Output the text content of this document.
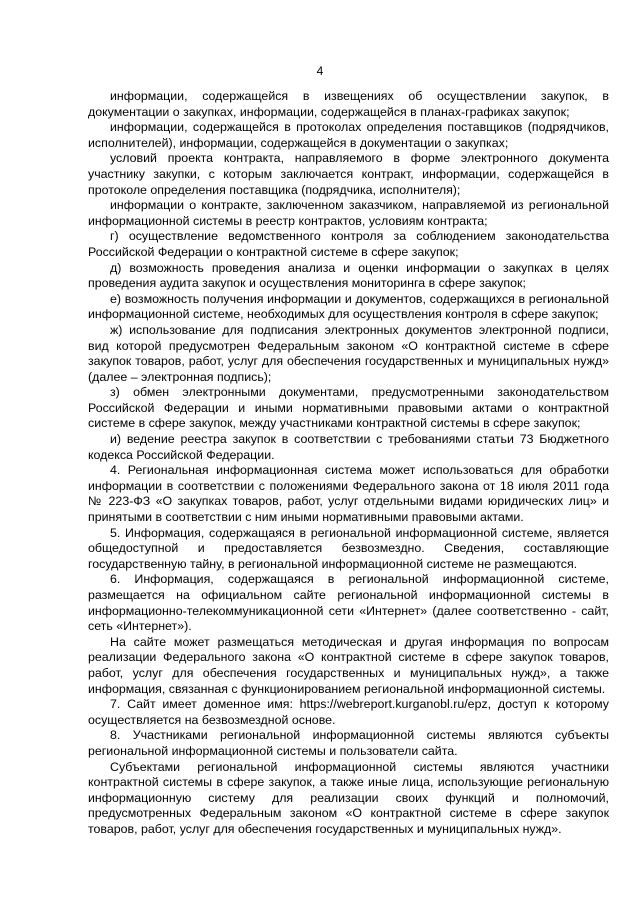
4

информации, содержащейся в извещениях об осуществлении закупок, в документации о закупках, информации, содержащейся в планах-графиках закупок;

информации, содержащейся в протоколах определения поставщиков (подрядчиков, исполнителей), информации, содержащейся в документации о закупках;

условий проекта контракта, направляемого в форме электронного документа участнику закупки, с которым заключается контракт, информации, содержащейся в протоколе определения поставщика (подрядчика, исполнителя);

информации о контракте, заключенном заказчиком, направляемой из региональной информационной системы в реестр контрактов, условиям контракта;

г) осуществление ведомственного контроля за соблюдением законодательства Российской Федерации о контрактной системе в сфере закупок;

д) возможность проведения анализа и оценки информации о закупках в целях проведения аудита закупок и осуществления мониторинга в сфере закупок;

е) возможность получения информации и документов, содержащихся в региональной информационной системе, необходимых для осуществления контроля в сфере закупок;

ж) использование для подписания электронных документов электронной подписи, вид которой предусмотрен Федеральным законом «О контрактной системе в сфере закупок товаров, работ, услуг для обеспечения государственных и муниципальных нужд» (далее – электронная подпись);

з) обмен электронными документами, предусмотренными законодательством Российской Федерации и иными нормативными правовыми актами о контрактной системе в сфере закупок, между участниками контрактной системы в сфере закупок;

и) ведение реестра закупок в соответствии с требованиями статьи 73 Бюджетного кодекса Российской Федерации.

4. Региональная информационная система может использоваться для обработки информации в соответствии с положениями Федерального закона от 18 июля 2011 года № 223-ФЗ «О закупках товаров, работ, услуг отдельными видами юридических лиц» и принятыми в соответствии с ним иными нормативными правовыми актами.

5. Информация, содержащаяся в региональной информационной системе, является общедоступной и предоставляется безвозмездно. Сведения, составляющие государственную тайну, в региональной информационной системе не размещаются.

6. Информация, содержащаяся в региональной информационной системе, размещается на официальном сайте региональной информационной системы в информационно-телекоммуникационной сети «Интернет» (далее соответственно - сайт, сеть «Интернет»).

На сайте может размещаться методическая и другая информация по вопросам реализации Федерального закона «О контрактной системе в сфере закупок товаров, работ, услуг для обеспечения государственных и муниципальных нужд», а также информация, связанная с функционированием региональной информационной системы.

7. Сайт имеет доменное имя: https://webreport.kurganobl.ru/epz, доступ к которому осуществляется на безвозмездной основе.

8. Участниками региональной информационной системы являются субъекты региональной информационной системы и пользователи сайта.

Субъектами региональной информационной системы являются участники контрактной системы в сфере закупок, а также иные лица, использующие региональную информационную систему для реализации своих функций и полномочий, предусмотренных Федеральным законом «О контрактной системе в сфере закупок товаров, работ, услуг для обеспечения государственных и муниципальных нужд».
